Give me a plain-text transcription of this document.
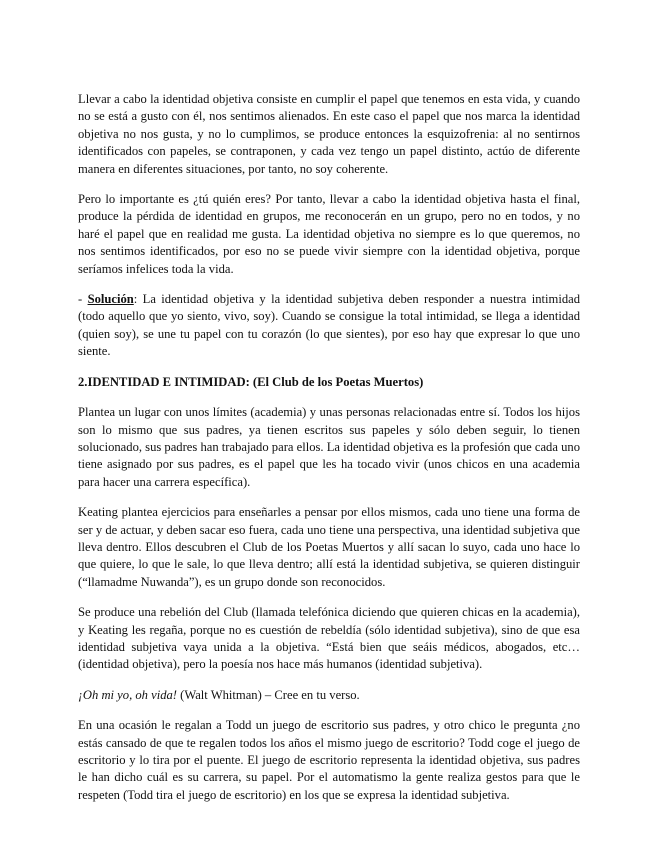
Llevar a cabo la identidad objetiva consiste en cumplir el papel que tenemos en esta vida, y cuando no se está a gusto con él, nos sentimos alienados. En este caso el papel que nos marca la identidad objetiva no nos gusta, y no lo cumplimos, se produce entonces la esquizofrenia: al no sentirnos identificados con papeles, se contraponen, y cada vez tengo un papel distinto, actúo de diferente manera en diferentes situaciones, por tanto, no soy coherente.

Pero lo importante es ¿tú quién eres? Por tanto, llevar a cabo la identidad objetiva hasta el final, produce la pérdida de identidad en grupos, me reconocerán en un grupo, pero no en todos, y no haré el papel que en realidad me gusta. La identidad objetiva no siempre es lo que queremos, no nos sentimos identificados, por eso no se puede vivir siempre con la identidad objetiva, porque seríamos infelices toda la vida.

- Solución: La identidad objetiva y la identidad subjetiva deben responder a nuestra intimidad (todo aquello que yo siento, vivo, soy). Cuando se consigue la total intimidad, se llega a identidad (quien soy), se une tu papel con tu corazón (lo que sientes), por eso hay que expresar lo que uno siente.

2.IDENTIDAD E INTIMIDAD: (El Club de los Poetas Muertos)

Plantea un lugar con unos límites (academia) y unas personas relacionadas entre sí. Todos los hijos son lo mismo que sus padres, ya tienen escritos sus papeles y sólo deben seguir, lo tienen solucionado, sus padres han trabajado para ellos. La identidad objetiva es la profesión que cada uno tiene asignado por sus padres, es el papel que les ha tocado vivir (unos chicos en una academia para hacer una carrera específica).

Keating plantea ejercicios para enseñarles a pensar por ellos mismos, cada uno tiene una forma de ser y de actuar, y deben sacar eso fuera, cada uno tiene una perspectiva, una identidad subjetiva que lleva dentro. Ellos descubren el Club de los Poetas Muertos y allí sacan lo suyo, cada uno hace lo que quiere, lo que le sale, lo que lleva dentro; allí está la identidad subjetiva, se quieren distinguir (“llamadme Nuwanda”), es un grupo donde son reconocidos.

Se produce una rebelión del Club (llamada telefónica diciendo que quieren chicas en la academia), y Keating les regaña, porque no es cuestión de rebeldía (sólo identidad subjetiva), sino de que esa identidad subjetiva vaya unida a la objetiva. “Está bien que seáis médicos, abogados, etc… (identidad objetiva), pero la poesía nos hace más humanos (identidad subjetiva).

¡Oh mi yo, oh vida! (Walt Whitman) – Cree en tu verso.

En una ocasión le regalan a Todd un juego de escritorio sus padres, y otro chico le pregunta ¿no estás cansado de que te regalen todos los años el mismo juego de escritorio? Todd coge el juego de escritorio y lo tira por el puente. El juego de escritorio representa la identidad objetiva, sus padres le han dicho cuál es su carrera, su papel. Por el automatismo la gente realiza gestos para que le respeten (Todd tira el juego de escritorio) en los que se expresa la identidad subjetiva.
